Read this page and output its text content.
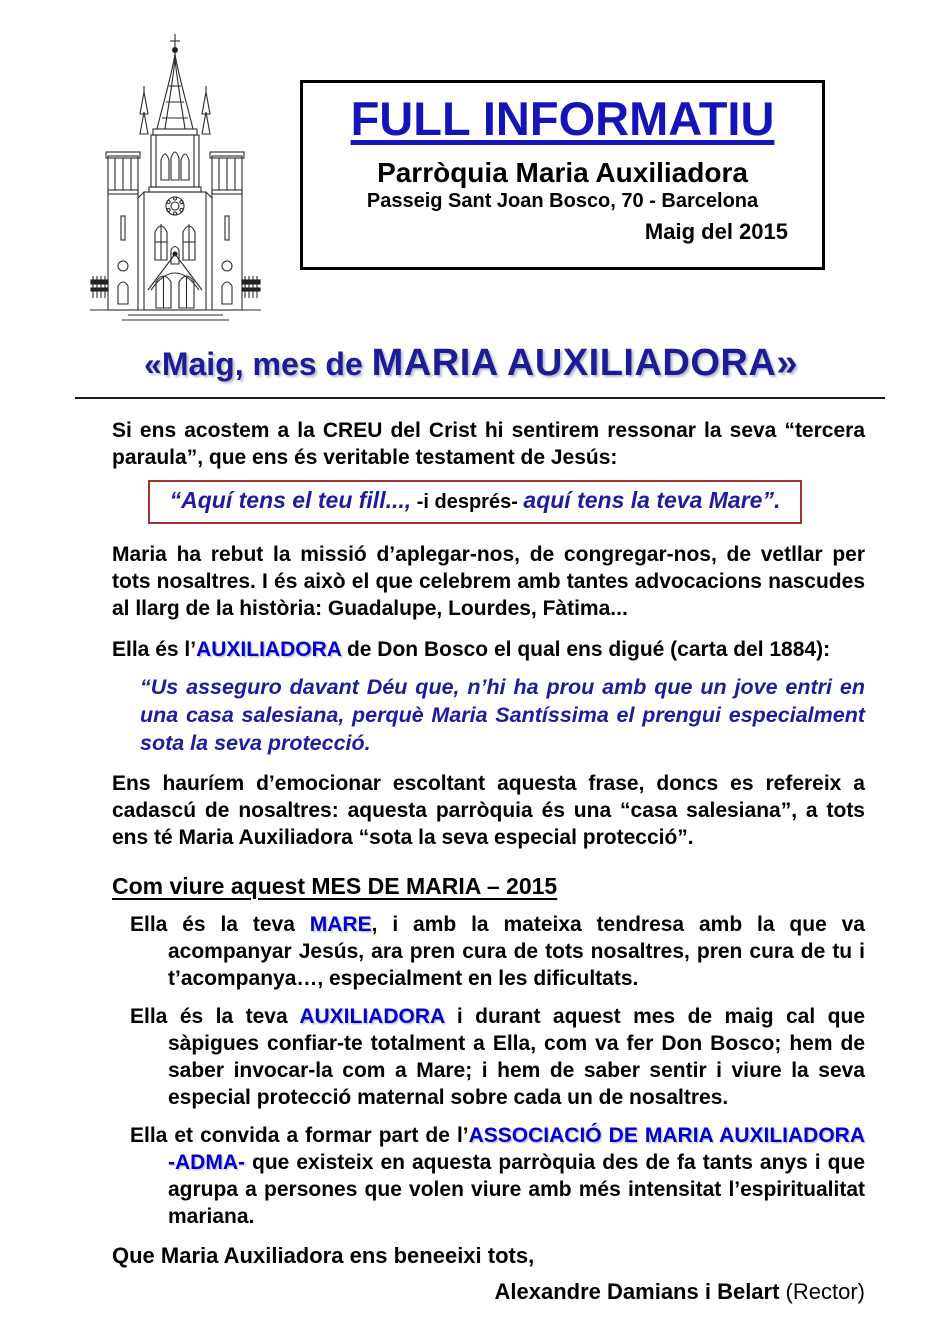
FULL INFORMATIU
Parròquia Maria Auxiliadora
Passeig Sant Joan Bosco, 70 - Barcelona
Maig del 2015
«Maig, mes de MARIA AUXILIADORA»

Si ens acostem a la CREU del Crist hi sentirem ressonar la seva “tercera paraula”, que ens és veritable testament de Jesús:

“Aquí tens el teu fill..., -i després- aquí tens la teva Mare”.

Maria ha rebut la missió d’aplegar-nos, de congregar-nos, de vetllar per tots nosaltres. I és això el que celebrem amb tantes advocacions nascudes al llarg de la història: Guadalupe, Lourdes, Fàtima...

Ella és l’AUXILIADORA de Don Bosco el qual ens digué (carta del 1884):

“Us asseguro davant Déu que, n’hi ha prou amb que un jove entri en una casa salesiana, perquè Maria Santíssima el prengui especialment sota la seva protecció.

Ens hauríem d’emocionar escoltant aquesta frase, doncs es refereix a cadascú de nosaltres: aquesta parròquia és una “casa salesiana”, a tots ens té Maria Auxiliadora “sota la seva especial protecció”.

Com viure aquest MES DE MARIA – 2015

Ella és la teva MARE, i amb la mateixa tendresa amb la que va acompanyar Jesús, ara pren cura de tots nosaltres, pren cura de tu i t’acompanya…, especialment en les dificultats.

Ella és la teva AUXILIADORA i durant aquest mes de maig cal que sàpigues confiar-te totalment a Ella, com va fer Don Bosco; hem de saber invocar-la com a Mare; i hem de saber sentir i viure la seva especial protecció maternal sobre cada un de nosaltres.

Ella et convida a formar part de l’ASSOCIACIÓ DE MARIA AUXILIADORA -ADMA- que existeix en aquesta parròquia des de fa tants anys i que agrupa a persones que volen viure amb més intensitat l’espiritualitat mariana.

Que Maria Auxiliadora ens beneeixi tots,

Alexandre Damians i Belart (Rector)
